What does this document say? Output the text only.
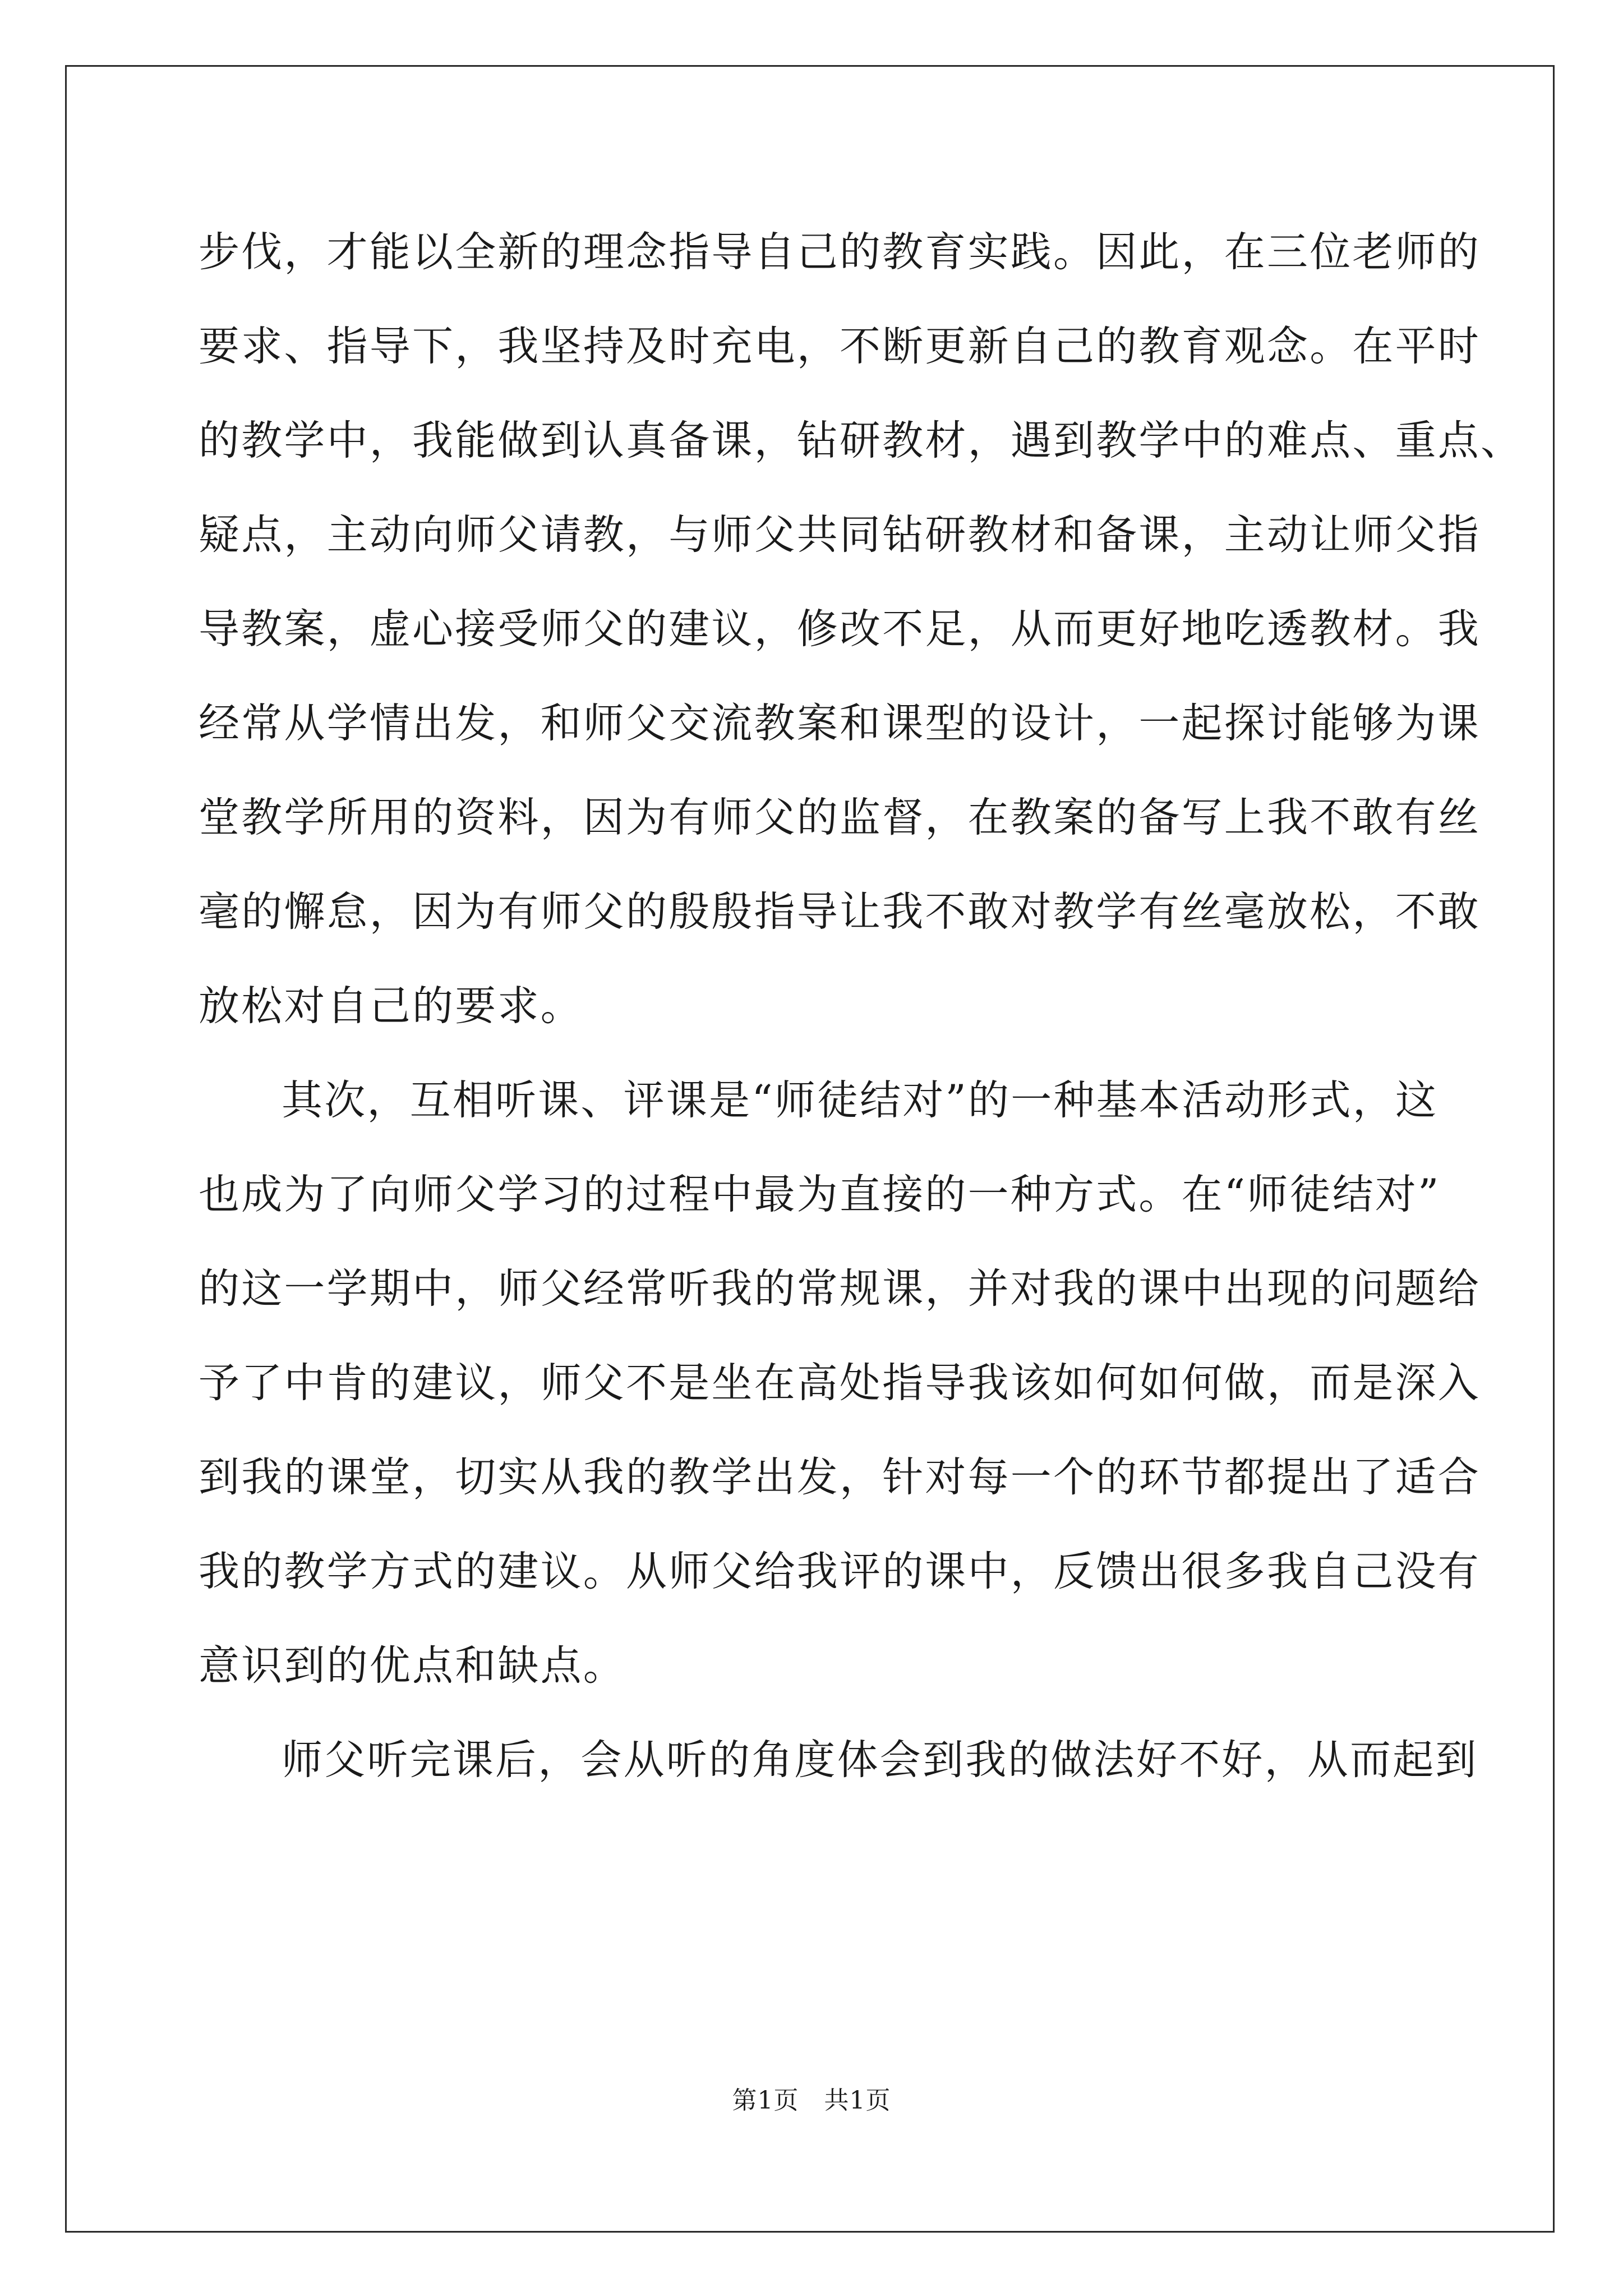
步伐，才能以全新的理念指导自己的教育实践。因此，在三位老师的
要求、指导下，我坚持及时充电，不断更新自己的教育观念。在平时
的教学中，我能做到认真备课，钻研教材，遇到教学中的难点、重点、
疑点，主动向师父请教，与师父共同钻研教材和备课，主动让师父指
导教案，虚心接受师父的建议，修改不足，从而更好地吃透教材。我
经常从学情出发，和师父交流教案和课型的设计，一起探讨能够为课
堂教学所用的资料，因为有师父的监督，在教案的备写上我不敢有丝
毫的懈怠，因为有师父的殷殷指导让我不敢对教学有丝毫放松，不敢
放松对自己的要求。
其次，互相听课、评课是“师徒结对”的一种基本活动形式，这
也成为了向师父学习的过程中最为直接的一种方式。在“师徒结对”
的这一学期中，师父经常听我的常规课，并对我的课中出现的问题给
予了中肯的建议，师父不是坐在高处指导我该如何如何做，而是深入
到我的课堂，切实从我的教学出发，针对每一个的环节都提出了适合
我的教学方式的建议。从师父给我评的课中，反馈出很多我自己没有
意识到的优点和缺点。
师父听完课后，会从听的角度体会到我的做法好不好，从而起到
第1页   共1页
